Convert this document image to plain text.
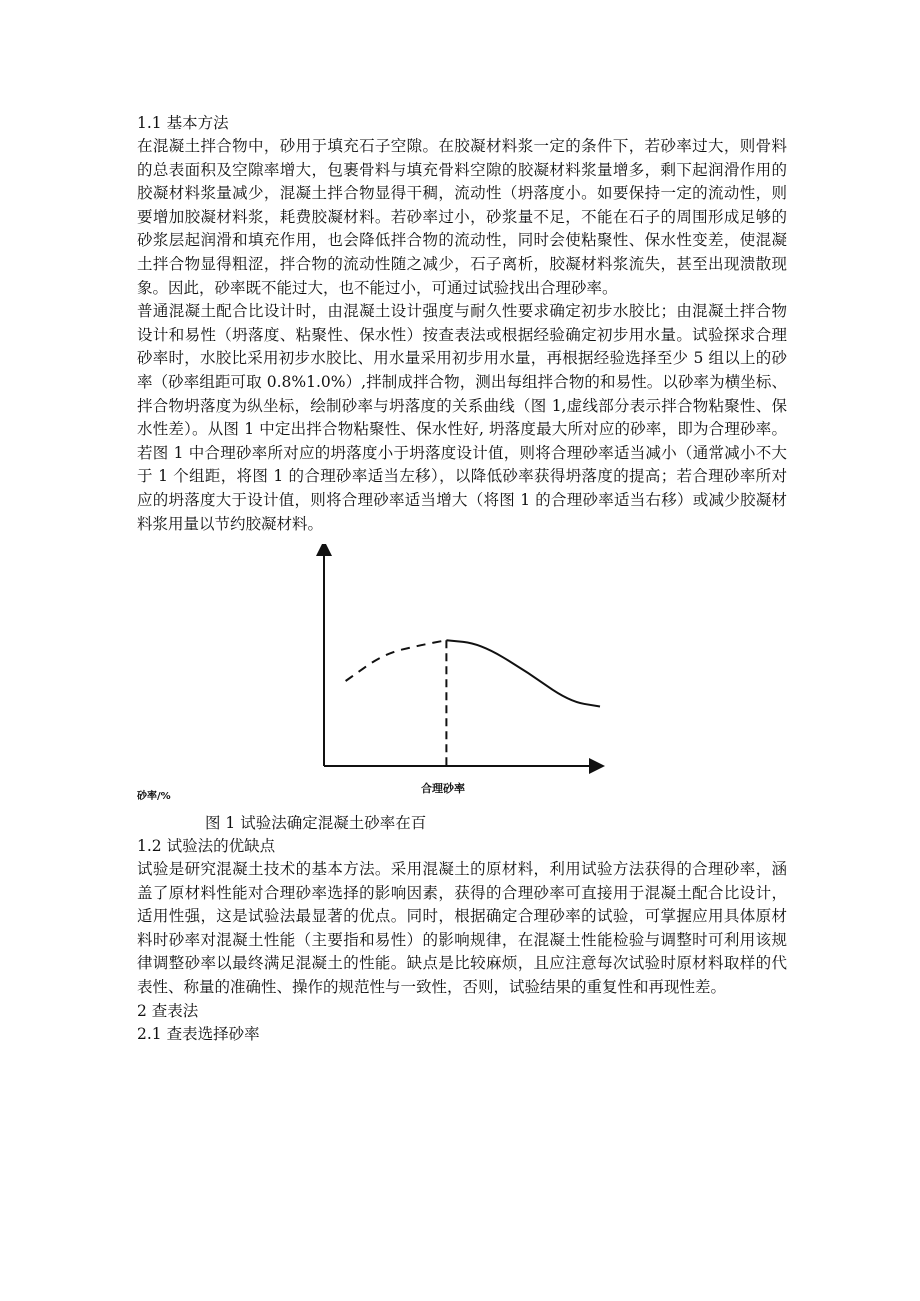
1.1 基本方法

在混凝土拌合物中，砂用于填充石子空隙。在胶凝材料浆一定的条件下，若砂率过大，则骨料的总表面积及空隙率增大，包裹骨料与填充骨料空隙的胶凝材料浆量增多，剩下起润滑作用的胶凝材料浆量减少，混凝土拌合物显得干稠，流动性（坍落度小。如要保持一定的流动性，则要增加胶凝材料浆，耗费胶凝材料。若砂率过小，砂浆量不足，不能在石子的周围形成足够的砂浆层起润滑和填充作用，也会降低拌合物的流动性，同时会使粘聚性、保水性变差，使混凝土拌合物显得粗涩，拌合物的流动性随之减少，石子离析，胶凝材料浆流失，甚至出现溃散现象。因此，砂率既不能过大，也不能过小，可通过试验找出合理砂率。

普通混凝土配合比设计时，由混凝土设计强度与耐久性要求确定初步水胶比；由混凝土拌合物设计和易性（坍落度、粘聚性、保水性）按查表法或根据经验确定初步用水量。试验探求合理砂率时，水胶比采用初步水胶比、用水量采用初步用水量，再根据经验选择至少 5 组以上的砂率（砂率组距可取 0.8%1.0%）,拌制成拌合物，测出每组拌合物的和易性。以砂率为横坐标、拌合物坍落度为纵坐标，绘制砂率与坍落度的关系曲线（图 1,虚线部分表示拌合物粘聚性、保水性差）。从图 1 中定出拌合物粘聚性、保水性好, 坍落度最大所对应的砂率，即为合理砂率。若图 1 中合理砂率所对应的坍落度小于坍落度设计值，则将合理砂率适当减小（通常减小不大于 1 个组距，将图 1 的合理砂率适当左移），以降低砂率获得坍落度的提高；若合理砂率所对应的坍落度大于设计值，则将合理砂率适当增大（将图 1 的合理砂率适当右移）或减少胶凝材料浆用量以节约胶凝材料。

合理砂率
砂率/%

图 1 试验法确定混凝土砂率在百

1.2 试验法的优缺点

试验是研究混凝土技术的基本方法。采用混凝土的原材料，利用试验方法获得的合理砂率，涵盖了原材料性能对合理砂率选择的影响因素，获得的合理砂率可直接用于混凝土配合比设计，适用性强，这是试验法最显著的优点。同时，根据确定合理砂率的试验，可掌握应用具体原材料时砂率对混凝土性能（主要指和易性）的影响规律，在混凝土性能检验与调整时可利用该规律调整砂率以最终满足混凝土的性能。缺点是比较麻烦，且应注意每次试验时原材料取样的代表性、称量的准确性、操作的规范性与一致性，否则，试验结果的重复性和再现性差。

2 查表法

2.1 查表选择砂率
